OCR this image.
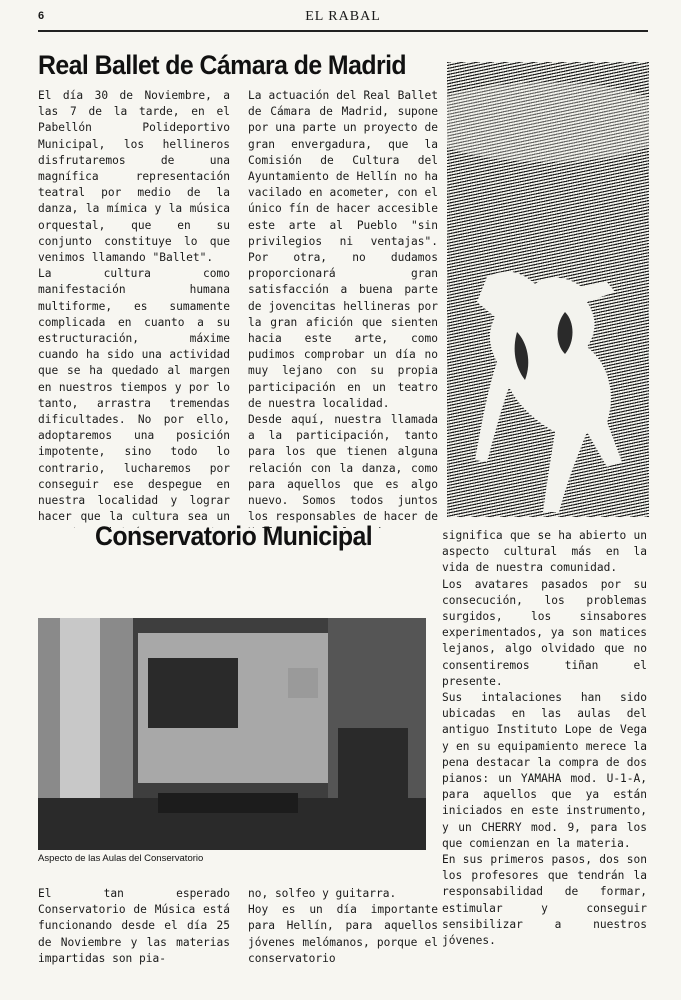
6	EL RABAL
Real Ballet de Cámara de Madrid

El día 30 de Noviembre, a las 7 de la tarde, en el Pabellón Polideportivo Municipal, los hellineros disfrutaremos de una magnífica representación teatral por medio de la danza, la mímica y la música orquestal, que en su conjunto constituye lo que venimos llamando "Ballet".

La cultura como manifestación humana multiforme, es sumamente complicada en cuanto a su estructuración, máxime cuando ha sido una actividad que se ha quedado al margen en nuestros tiempos y por lo tanto, arrastra tremendas dificultades. No por ello, adoptaremos una posición impotente, sino todo lo contrario, lucharemos por conseguir ese despegue en nuestra localidad y lograr hacer que la cultura sea un

La actuación del Real Ballet de Cámara de Madrid, supone por una parte un proyecto de gran envergadura, que la Comisión de Cultura del Ayuntamiento de Hellín no ha vacilado en acometer, con el único fín de hacer accesible este arte al Pueblo "sin privilegios ni ventajas". Por otra, no dudamos proporcionará gran satisfacción a buena parte de jovencitas hellineras por la gran afición que sienten hacia este arte, como pudimos comprobar un día no muy lejano con su propia participación en un teatro de nuestra localidad.

Desde aquí, nuestra llamada a la participación, tanto para los que tienen alguna relación con la danza, como para aquellos que es algo nuevo. Somos todos juntos los responsables de hacer de

Conservatorio Municipal
Aspecto de las Aulas del Conservatorio

El tan esperado Conservatorio de Música está funcionando desde el día 25 de Noviembre y las materias impartidas son pia-

no, solfeo y guitarra.

Hoy es un día importante para Hellín, para aquellos jóvenes melómanos, porque el conservatorio

significa que se ha abierto un aspecto cultural más en la vida de nuestra comunidad.

Los avatares pasados por su consecución, los problemas surgidos, los sinsabores experimentados, ya son matices lejanos, algo olvidado que no consentiremos tiñan el presente.

Sus intalaciones han sido ubicadas en las aulas del antiguo Instituto Lope de Vega y en su equipamiento merece la pena destacar la compra de dos pianos: un YAMAHA mod. U-1-A, para aquellos que ya están iniciados en este instrumento, y un CHERRY mod. 9, para los que comienzan en la materia.

En sus primeros pasos, dos son los profesores que tendrán la responsabilidad de formar, estimular y conseguir sensibilizar a nuestros jóvenes.
